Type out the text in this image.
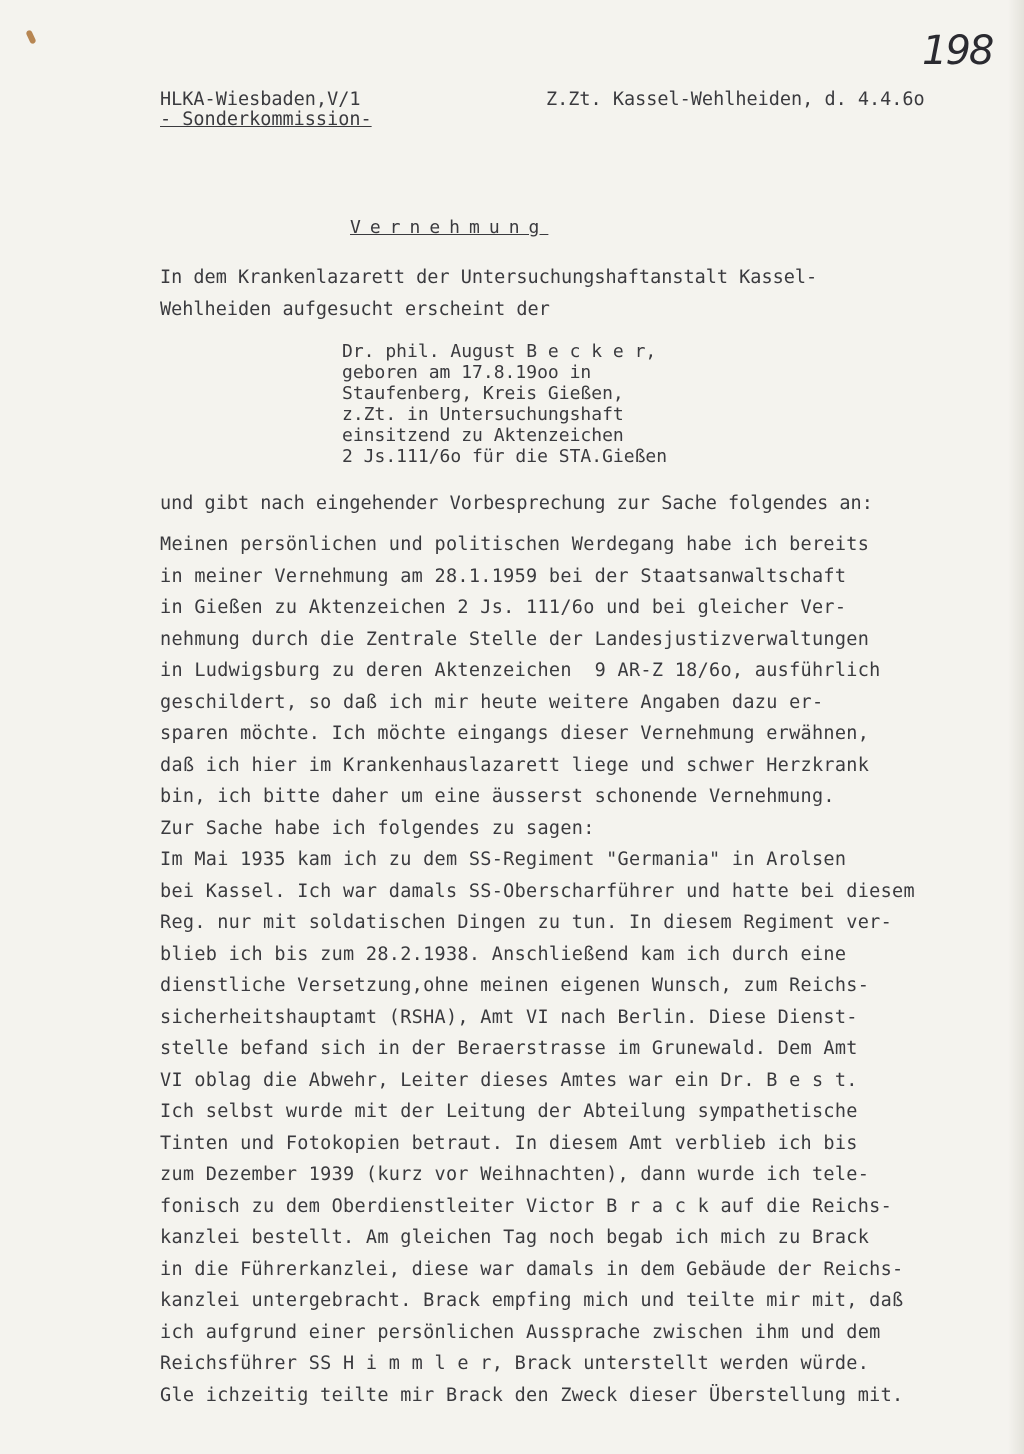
198
HLKA-Wiesbaden,V/1
- Sonderkommission-
Z.Zt. Kassel-Wehlheiden, d. 4.4.6o
Vernehmung
In dem Krankenlazarett der Untersuchungshaftanstalt Kassel-
Wehlheiden aufgesucht erscheint der
Dr. phil. August B e c k e r,
geboren am 17.8.19oo in
Staufenberg, Kreis Gießen,
z.Zt. in Untersuchungshaft
einsitzend zu Aktenzeichen
2 Js.111/6o für die STA.Gießen
und gibt nach eingehender Vorbesprechung zur Sache folgendes an:
Meinen persönlichen und politischen Werdegang habe ich bereits
in meiner Vernehmung am 28.1.1959 bei der Staatsanwaltschaft
in Gießen zu Aktenzeichen 2 Js. 111/6o und bei gleicher Ver-
nehmung durch die Zentrale Stelle der Landesjustizverwaltungen
in Ludwigsburg zu deren Aktenzeichen  9 AR-Z 18/6o, ausführlich
geschildert, so daß ich mir heute weitere Angaben dazu er-
sparen möchte. Ich möchte eingangs dieser Vernehmung erwähnen,
daß ich hier im Krankenhauslazarett liege und schwer Herzkrank
bin, ich bitte daher um eine äusserst schonende Vernehmung.
Zur Sache habe ich folgendes zu sagen:
Im Mai 1935 kam ich zu dem SS-Regiment "Germania" in Arolsen
bei Kassel. Ich war damals SS-Oberscharführer und hatte bei diesem
Reg. nur mit soldatischen Dingen zu tun. In diesem Regiment ver-
blieb ich bis zum 28.2.1938. Anschließend kam ich durch eine
dienstliche Versetzung,ohne meinen eigenen Wunsch, zum Reichs-
sicherheitshauptamt (RSHA), Amt VI nach Berlin. Diese Dienst-
stelle befand sich in der Beraerstrasse im Grunewald. Dem Amt
VI oblag die Abwehr, Leiter dieses Amtes war ein Dr. B e s t.
Ich selbst wurde mit der Leitung der Abteilung sympathetische
Tinten und Fotokopien betraut. In diesem Amt verblieb ich bis
zum Dezember 1939 (kurz vor Weihnachten), dann wurde ich tele-
fonisch zu dem Oberdienstleiter Victor B r a c k auf die Reichs-
kanzlei bestellt. Am gleichen Tag noch begab ich mich zu Brack
in die Führerkanzlei, diese war damals in dem Gebäude der Reichs-
kanzlei untergebracht. Brack empfing mich und teilte mir mit, daß
ich aufgrund einer persönlichen Aussprache zwischen ihm und dem
Reichsführer SS H i m m l e r, Brack unterstellt werden würde.
Gle ichzeitig teilte mir Brack den Zweck dieser Überstellung mit.
